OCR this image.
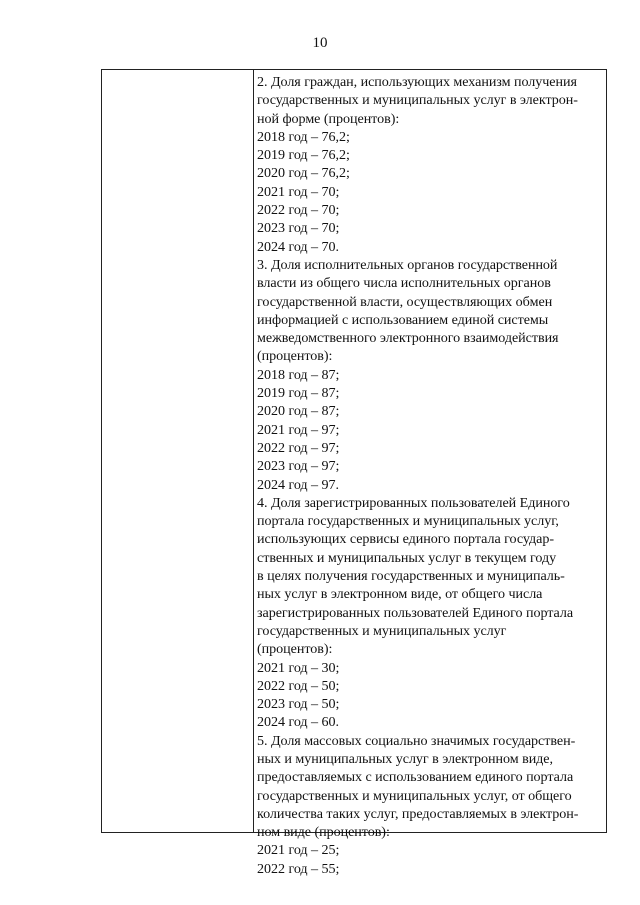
10
2. Доля граждан, использующих механизм получения
государственных и муниципальных услуг в электрон-
ной форме (процентов):
2018 год – 76,2;
2019 год – 76,2;
2020 год – 76,2;
2021 год – 70;
2022 год – 70;
2023 год – 70;
2024 год – 70.
3. Доля исполнительных органов государственной
власти из общего числа исполнительных органов
государственной власти, осуществляющих обмен
информацией с использованием единой системы
межведомственного электронного взаимодействия
(процентов):
2018 год – 87;
2019 год – 87;
2020 год – 87;
2021 год – 97;
2022 год – 97;
2023 год – 97;
2024 год – 97.
4. Доля зарегистрированных пользователей Единого
портала государственных и муниципальных услуг,
использующих сервисы единого портала государ-
ственных и муниципальных услуг в текущем году
в целях получения государственных и муниципаль-
ных услуг в электронном виде, от общего числа
зарегистрированных пользователей Единого портала
государственных и муниципальных услуг
(процентов):
2021 год – 30;
2022 год – 50;
2023 год – 50;
2024 год – 60.
5. Доля массовых социально значимых государствен-
ных и муниципальных услуг в электронном виде,
предоставляемых с использованием единого портала
государственных и муниципальных услуг, от общего
количества таких услуг, предоставляемых в электрон-
ном виде (процентов):
2021 год – 25;
2022 год – 55;
